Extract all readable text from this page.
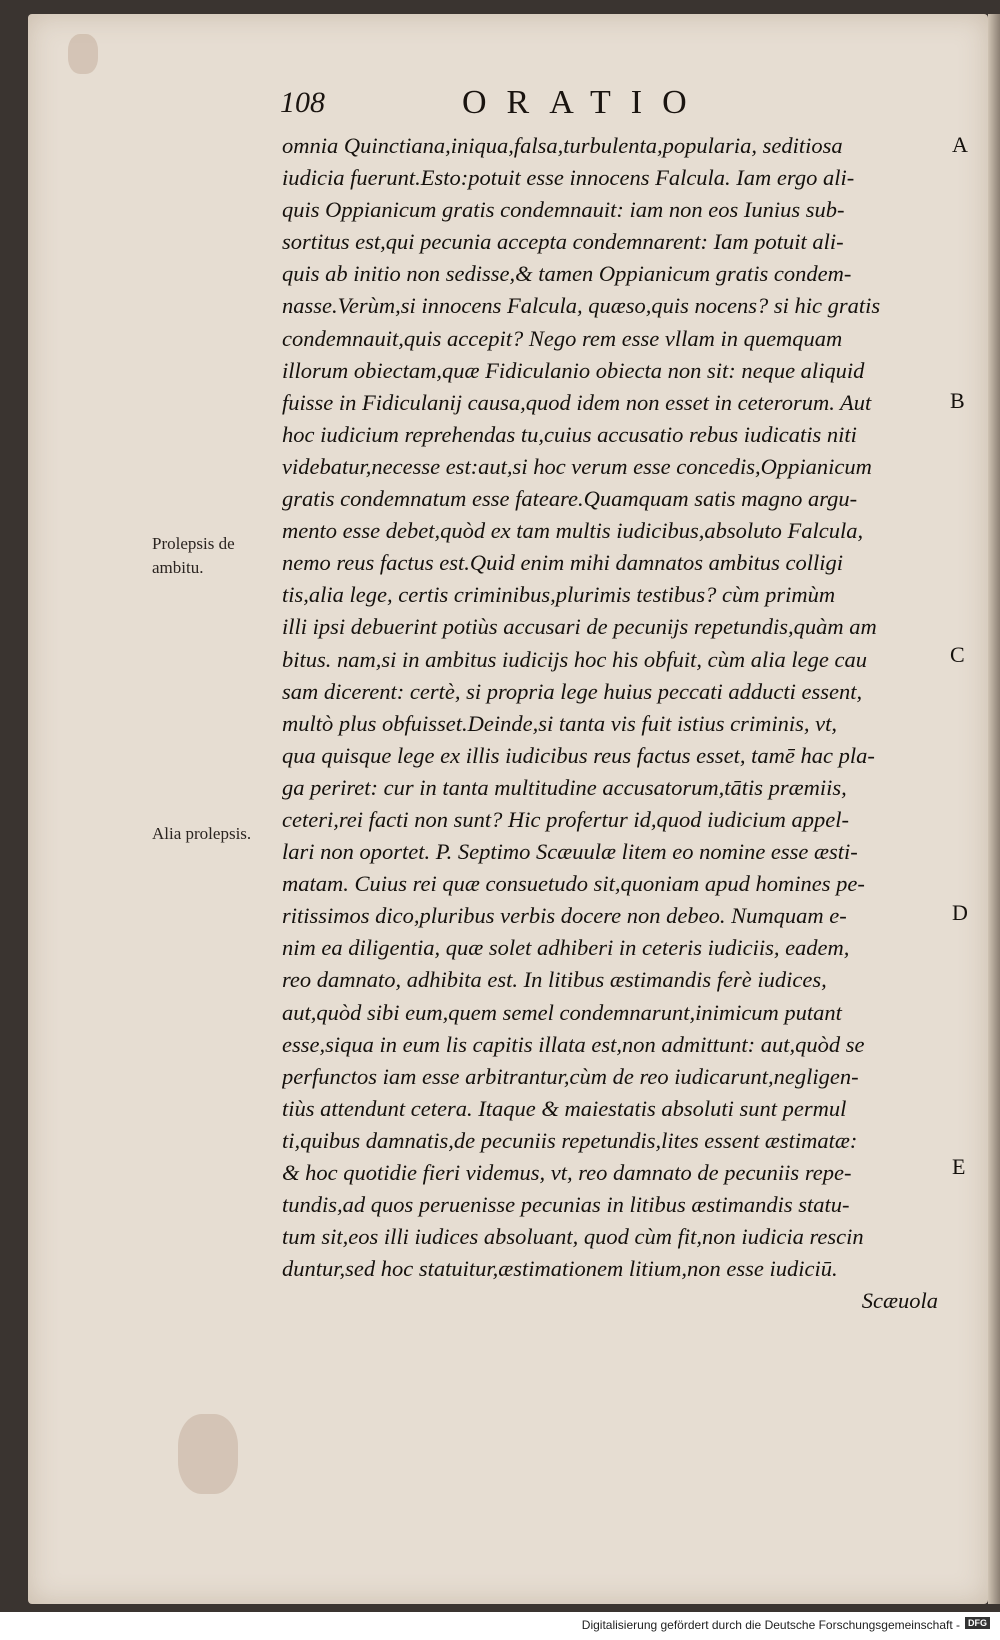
108	ORATIO
omnia Quinctiana,iniqua,falsa,turbulenta,popularia, seditiosa
iudicia fuerunt.Esto:potuit esse innocens Falcula. Iam ergo ali-
quis Oppianicum gratis condemnauit: iam non eos Iunius sub-
sortitus est,qui pecunia accepta condemnarent: Iam potuit ali-
quis ab initio non sedisse,& tamen Oppianicum gratis condem-
nasse.Verùm,si innocens Falcula, quæso,quis nocens? si hic gratis
condemnauit,quis accepit? Nego rem esse vllam in quemquam
illorum obiectam,quæ Fidiculanio obiecta non sit: neque aliquid
fuisse in Fidiculanij causa,quod idem non esset in ceterorum. Aut
hoc iudicium reprehendas tu,cuius accusatio rebus iudicatis niti
videbatur,necesse est:aut,si hoc verum esse concedis,Oppianicum
gratis condemnatum esse fateare.Quamquam satis magno argu-
mento esse debet,quòd ex tam multis iudicibus,absoluto Falcula,
nemo reus factus est.Quid enim mihi damnatos ambitus colligi
tis,alia lege, certis criminibus,plurimis testibus? cùm primùm
illi ipsi debuerint potiùs accusari de pecunijs repetundis,quàm am
bitus. nam,si in ambitus iudicijs hoc his obfuit, cùm alia lege cau
sam dicerent: certè, si propria lege huius peccati adducti essent,
multò plus obfuisset.Deinde,si tanta vis fuit istius criminis, vt,
qua quisque lege ex illis iudicibus reus factus esset, tamē hac pla-
ga periret: cur in tanta multitudine accusatorum,tātis præmiis,
ceteri,rei facti non sunt? Hic profertur id,quod iudicium appel-
lari non oportet. P. Septimo Scæuulæ litem eo nomine esse æsti-
matam. Cuius rei quæ consuetudo sit,quoniam apud homines pe-
ritissimos dico,pluribus verbis docere non debeo. Numquam e-
nim ea diligentia, quæ solet adhiberi in ceteris iudiciis, eadem,
reo damnato, adhibita est. In litibus æstimandis ferè iudices,
aut,quòd sibi eum,quem semel condemnarunt,inimicum putant
esse,siqua in eum lis capitis illata est,non admittunt: aut,quòd se
perfunctos iam esse arbitrantur,cùm de reo iudicarunt,negligen-
tiùs attendunt cetera. Itaque & maiestatis absoluti sunt permul
ti,quibus damnatis,de pecuniis repetundis,lites essent æstimatæ:
& hoc quotidie fieri videmus, vt, reo damnato de pecuniis repe-
tundis,ad quos peruenisse pecunias in litibus æstimandis statu-
tum sit,eos illi iudices absoluant, quod cùm fit,non iudicia rescin
duntur,sed hoc statuitur,æstimationem litium,non esse iudiciū.
Scæuola
A
B
C
D
E
Prolepsis de ambitu.
Alia prolepsis.
Digitalisierung gefördert durch die Deutsche Forschungsgemeinschaft - DFG
